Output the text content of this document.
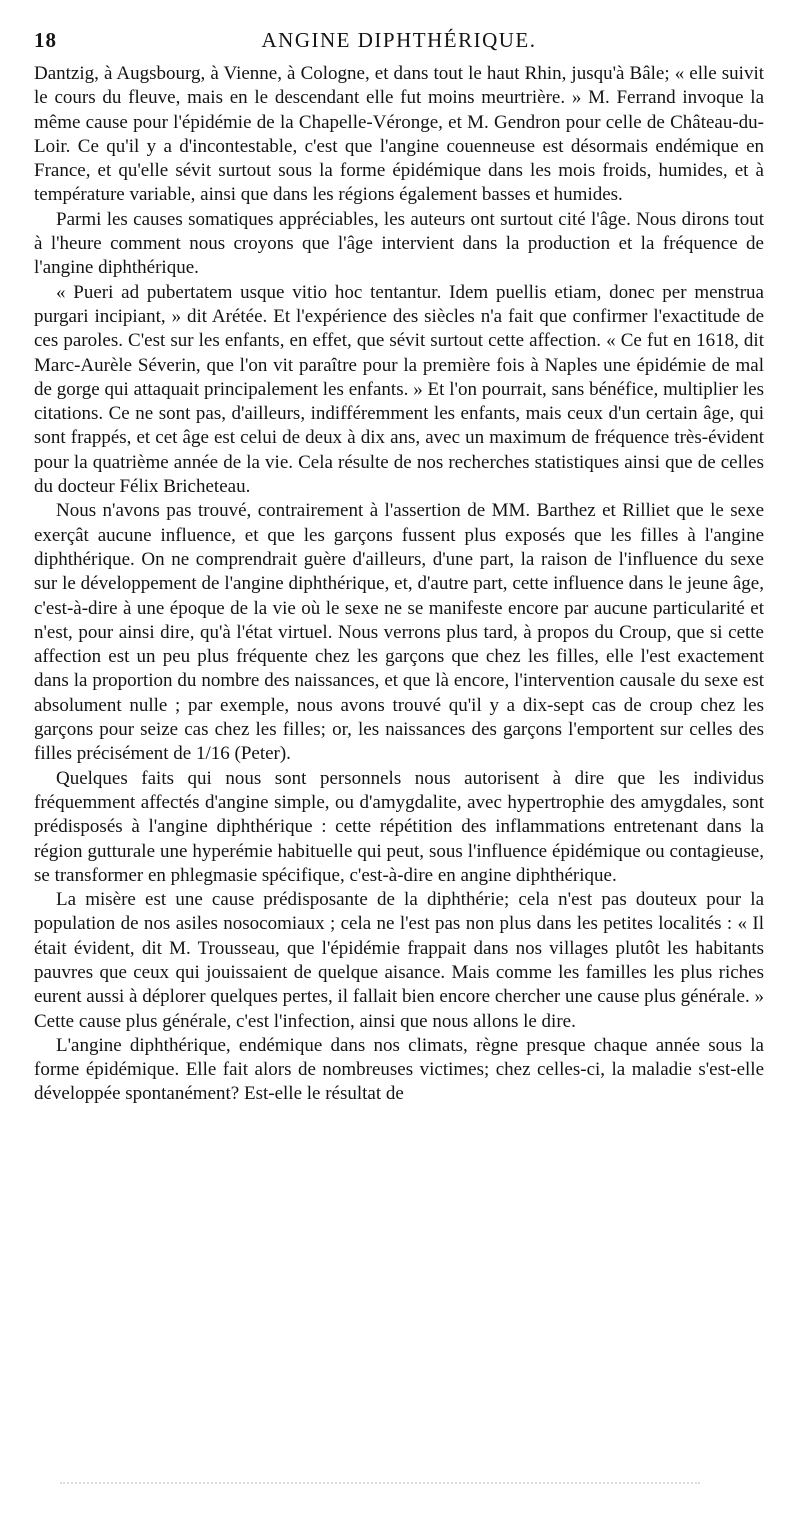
18	ANGINE DIPHTHÉRIQUE.

Dantzig, à Augsbourg, à Vienne, à Cologne, et dans tout le haut Rhin, jusqu'à Bâle; « elle suivit le cours du fleuve, mais en le descendant elle fut moins meurtrière. » M. Ferrand invoque la même cause pour l'épidémie de la Chapelle-Véronge, et M. Gendron pour celle de Château-du-Loir. Ce qu'il y a d'incontestable, c'est que l'angine couenneuse est désormais endémique en France, et qu'elle sévit surtout sous la forme épidémique dans les mois froids, humides, et à température variable, ainsi que dans les régions également basses et humides.

Parmi les causes somatiques appréciables, les auteurs ont surtout cité l'âge. Nous dirons tout à l'heure comment nous croyons que l'âge intervient dans la production et la fréquence de l'angine diphthérique.

« Pueri ad pubertatem usque vitio hoc tentantur. Idem puellis etiam, donec per menstrua purgari incipiant, » dit Arétée. Et l'expérience des siècles n'a fait que confirmer l'exactitude de ces paroles. C'est sur les enfants, en effet, que sévit surtout cette affection. « Ce fut en 1618, dit Marc-Aurèle Séverin, que l'on vit paraître pour la première fois à Naples une épidémie de mal de gorge qui attaquait principalement les enfants. » Et l'on pourrait, sans bénéfice, multiplier les citations. Ce ne sont pas, d'ailleurs, indifféremment les enfants, mais ceux d'un certain âge, qui sont frappés, et cet âge est celui de deux à dix ans, avec un maximum de fréquence très-évident pour la quatrième année de la vie. Cela résulte de nos recherches statistiques ainsi que de celles du docteur Félix Bricheteau.

Nous n'avons pas trouvé, contrairement à l'assertion de MM. Barthez et Rilliet que le sexe exerçât aucune influence, et que les garçons fussent plus exposés que les filles à l'angine diphthérique. On ne comprendrait guère d'ailleurs, d'une part, la raison de l'influence du sexe sur le développement de l'angine diphthérique, et, d'autre part, cette influence dans le jeune âge, c'est-à-dire à une époque de la vie où le sexe ne se manifeste encore par aucune particularité et n'est, pour ainsi dire, qu'à l'état virtuel. Nous verrons plus tard, à propos du Croup, que si cette affection est un peu plus fréquente chez les garçons que chez les filles, elle l'est exactement dans la proportion du nombre des naissances, et que là encore, l'intervention causale du sexe est absolument nulle ; par exemple, nous avons trouvé qu'il y a dix-sept cas de croup chez les garçons pour seize cas chez les filles; or, les naissances des garçons l'emportent sur celles des filles précisément de 1/16 (Peter).

Quelques faits qui nous sont personnels nous autorisent à dire que les individus fréquemment affectés d'angine simple, ou d'amygdalite, avec hypertrophie des amygdales, sont prédisposés à l'angine diphthérique : cette répétition des inflammations entretenant dans la région gutturale une hyperémie habituelle qui peut, sous l'influence épidémique ou contagieuse, se transformer en phlegmasie spécifique, c'est-à-dire en angine diphthérique.

La misère est une cause prédisposante de la diphthérie; cela n'est pas douteux pour la population de nos asiles nosocomiaux ; cela ne l'est pas non plus dans les petites localités : « Il était évident, dit M. Trousseau, que l'épidémie frappait dans nos villages plutôt les habitants pauvres que ceux qui jouissaient de quelque aisance. Mais comme les familles les plus riches eurent aussi à déplorer quelques pertes, il fallait bien encore chercher une cause plus générale. » Cette cause plus générale, c'est l'infection, ainsi que nous allons le dire.

L'angine diphthérique, endémique dans nos climats, règne presque chaque année sous la forme épidémique. Elle fait alors de nombreuses victimes; chez celles-ci, la maladie s'est-elle développée spontanément? Est-elle le résultat de
